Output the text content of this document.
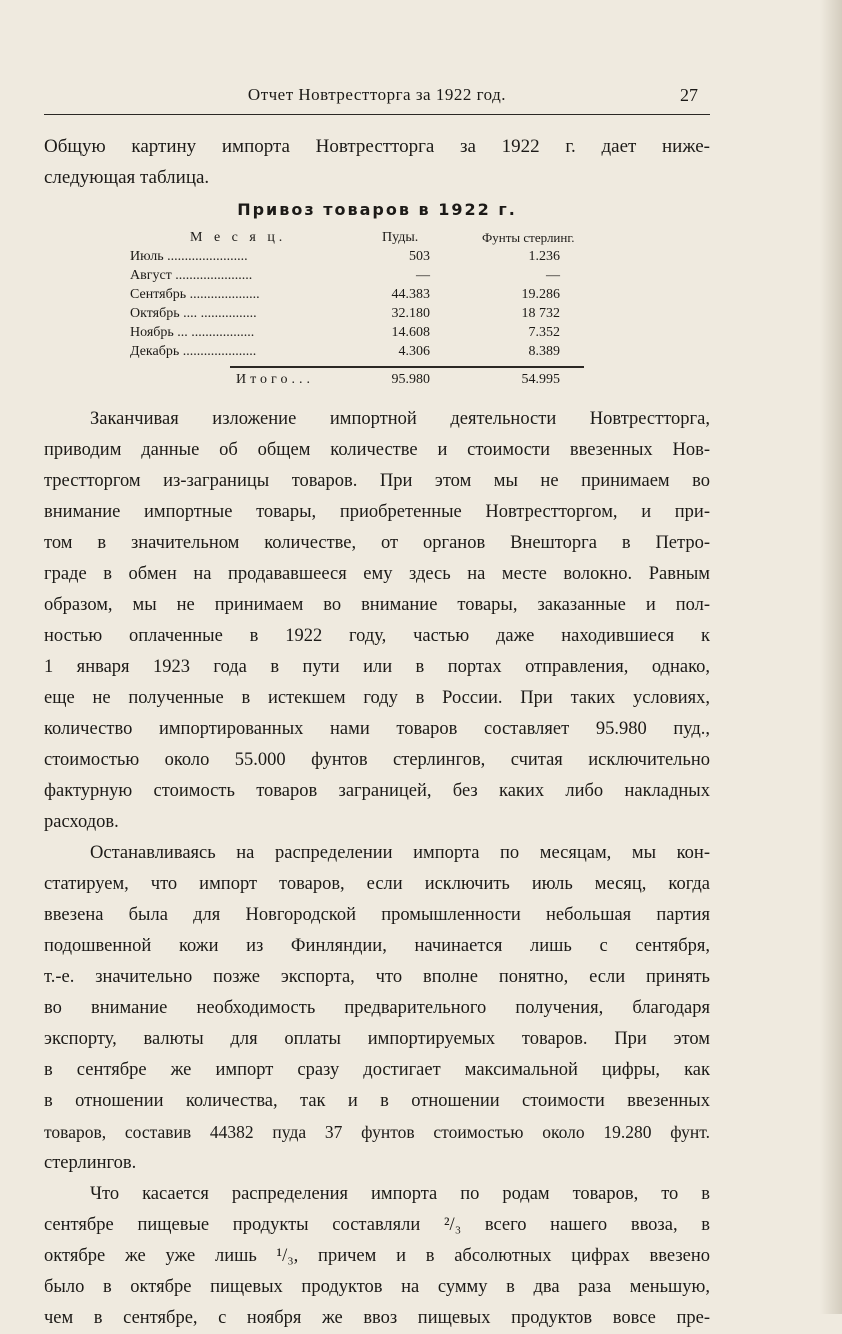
Отчет Новтрестторга за 1922 год.	27
Общую картину импорта Новтрестторга за 1922 г. дает ниже-
следующая таблица.
Привоз товаров в 1922 г.
М е с я ц.	Пуды.	Фунты стерлинг.
Июль .......................	503	1.236
Август ......................	—	—
Сентябрь ....................	44.383	19.286
Октябрь .... ................	32.180	18 732
Ноябрь ... ..................	14.608	7.352
Декабрь .....................	4.306	8.389
Итого...	95.980	54.995
Заканчивая изложение импортной деятельности Новтрестторга,
приводим данные об общем количестве и стоимости ввезенных Нов-
трестторгом из-заграницы товаров. При этом мы не принимаем во
внимание импортные товары, приобретенные Новтрестторгом, и при-
том в значительном количестве, от органов Внешторга в Петро-
граде в обмен на продававшееся ему здесь на месте волокно. Равным
образом, мы не принимаем во внимание товары, заказанные и пол-
ностью оплаченные в 1922 году, частью даже находившиеся к
1 января 1923 года в пути или в портах отправления, однако,
еще не полученные в истекшем году в России. При таких условиях,
количество импортированных нами товаров составляет 95.980 пуд.,
стоимостью около 55.000 фунтов стерлингов, считая исключительно
фактурную стоимость товаров заграницей, без каких либо накладных
расходов.
Останавливаясь на распределении импорта по месяцам, мы кон-
статируем, что импорт товаров, если исключить июль месяц, когда
ввезена была для Новгородской промышленности небольшая партия
подошвенной кожи из Финляндии, начинается лишь с сентября,
т.-е. значительно позже экспорта, что вполне понятно, если принять
во внимание необходимость предварительного получения, благодаря
экспорту, валюты для оплаты импортируемых товаров. При этом
в сентябре же импорт сразу достигает максимальной цифры, как
в отношении количества, так и в отношении стоимости ввезенных
товаров, составив 44382 пуда 37 фунтов стоимостью около 19.280 фунт.
стерлингов.
Что касается распределения импорта по родам товаров, то в
сентябре пищевые продукты составляли ²/₃ всего нашего ввоза, в
октябре же уже лишь ¹/₃, причем и в абсолютных цифрах ввезено
было в октябре пищевых продуктов на сумму в два раза меньшую,
чем в сентябре, с ноября же ввоз пищевых продуктов вовсе пре-
